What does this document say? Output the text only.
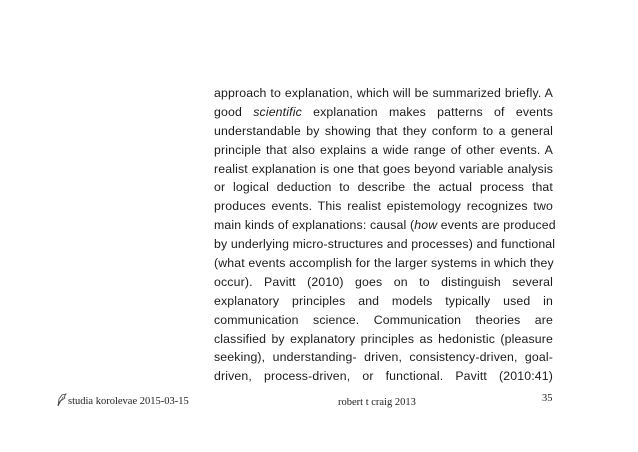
approach to explanation, which will be summarized briefly. A
good scientific explanation makes patterns of events
understandable by showing that they conform to a general
principle that also explains a wide range of other events. A
realist explanation is one that goes beyond variable analysis
or logical deduction to describe the actual process that
produces events. This realist epistemology recognizes two
main kinds of explanations: causal (how events are produced
by underlying micro-structures and processes) and functional
(what events accomplish for the larger systems in which they
occur). Pavitt (2010) goes on to distinguish several
explanatory principles and models typically used in
communication science. Communication theories are
classified by explanatory principles as hedonistic (pleasure
seeking), understanding- driven, consistency-driven, goal-
driven, process-driven, or functional. Pavitt (2010:41)
studia korolevae 2015-03-15	robert t craig 2013	35
